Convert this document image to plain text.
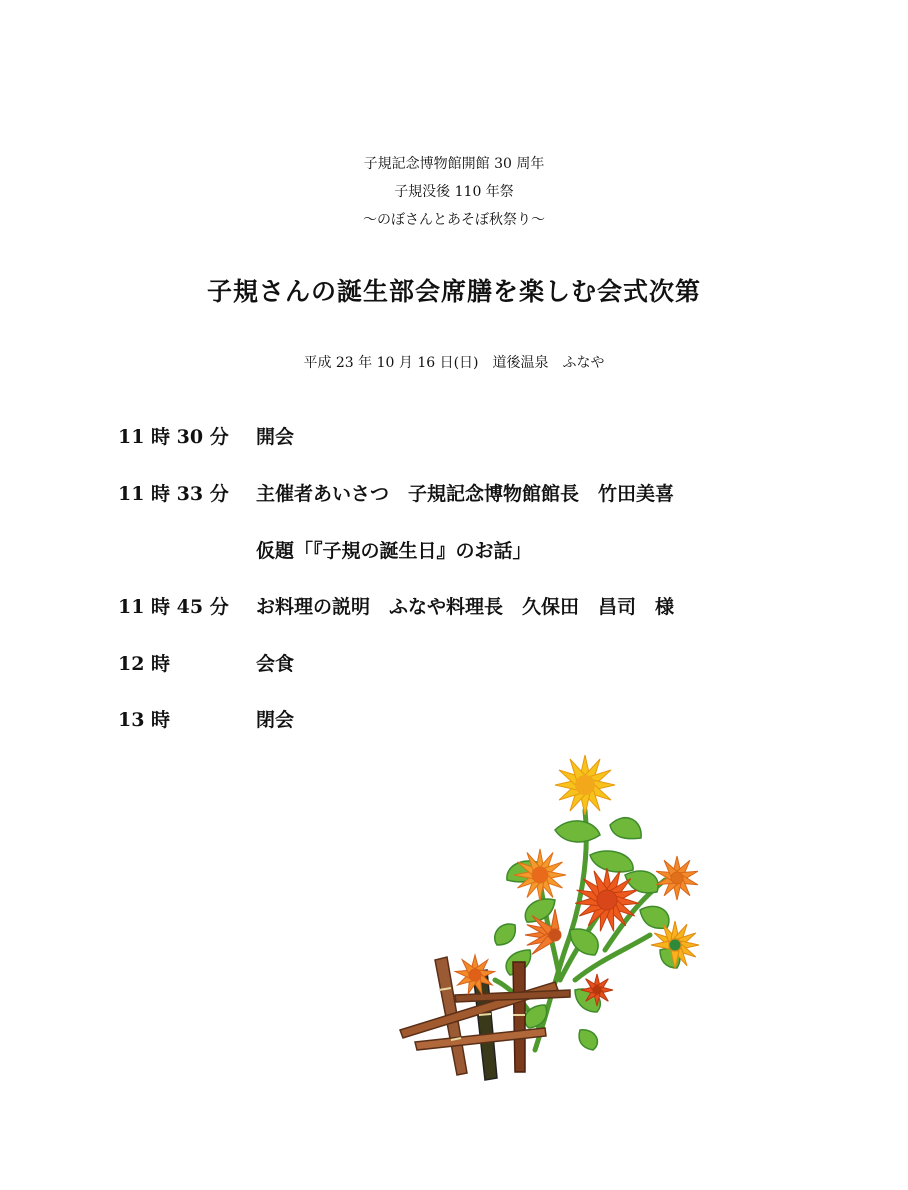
子規記念博物館開館 30 周年
子規没後 110 年祭
～のぼさんとあそぼ秋祭り～
子規さんの誕生部会席膳を楽しむ会式次第
平成 23 年 10 月 16 日(日)　道後温泉　ふなや
11 時 30 分 開会
11 時 33 分 主催者あいさつ　子規記念博物館館長　竹田美喜
仮題「『子規の誕生日』のお話」
11 時 45 分 お料理の説明　ふなや料理長　久保田　昌司　様
12 時	会食
13 時	閉会
